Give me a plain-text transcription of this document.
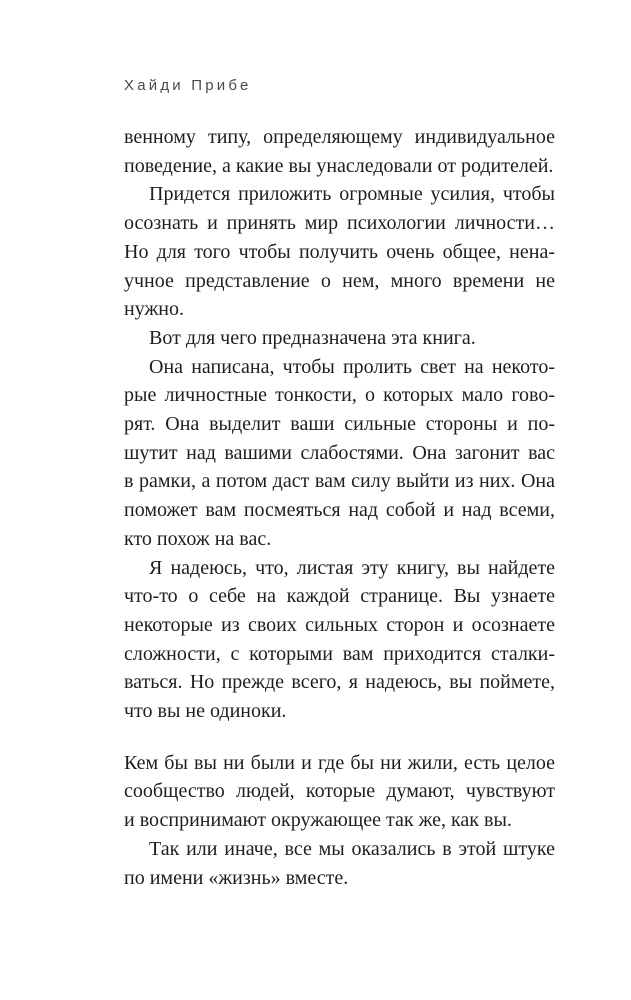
Хайди Прибе
венному типу, определяющему индивидуальное
поведение, а какие вы унаследовали от родителей.
Придется приложить огромные усилия, чтобы
осознать и принять мир психологии личности…
Но для того чтобы получить очень общее, нена-
учное представление о нем, много времени не
нужно.
Вот для чего предназначена эта книга.
Она написана, чтобы пролить свет на некото-
рые личностные тонкости, о которых мало гово-
рят. Она выделит ваши сильные стороны и по-
шутит над вашими слабостями. Она загонит вас
в рамки, а потом даст вам силу выйти из них. Она
поможет вам посмеяться над собой и над всеми,
кто похож на вас.
Я надеюсь, что, листая эту книгу, вы найдете
что-то о себе на каждой странице. Вы узнаете
некоторые из своих сильных сторон и осознаете
сложности, с которыми вам приходится сталки-
ваться. Но прежде всего, я надеюсь, вы поймете,
что вы не одиноки.
Кем бы вы ни были и где бы ни жили, есть целое
сообщество людей, которые думают, чувствуют
и воспринимают окружающее так же, как вы.
Так или иначе, все мы оказались в этой штуке
по имени «жизнь» вместе.
